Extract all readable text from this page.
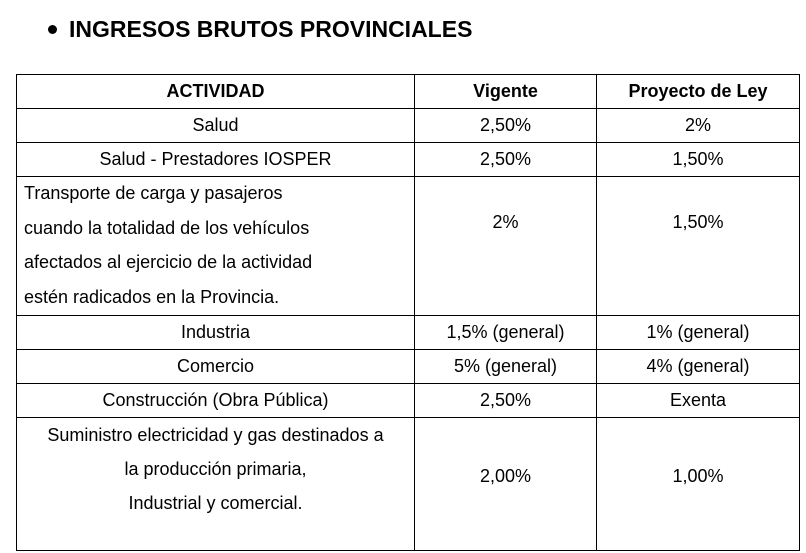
INGRESOS BRUTOS PROVINCIALES
ACTIVIDAD	Vigente	Proyecto de Ley
Salud	2,50%	2%
Salud - Prestadores IOSPER	2,50%	1,50%

Transporte de carga y pasajeros
cuando la totalidad de los vehículos
afectados al ejercicio de la actividad
estén radicados en la Provincia.	2%	1,50%
Industria	1,5% (general)	1% (general)
Comercio	5% (general)	4% (general)
Construcción (Obra Pública)	2,50%	Exenta

Suministro electricidad y gas destinados a
la producción primaria,
Industrial y comercial.	2,00%	1,00%
